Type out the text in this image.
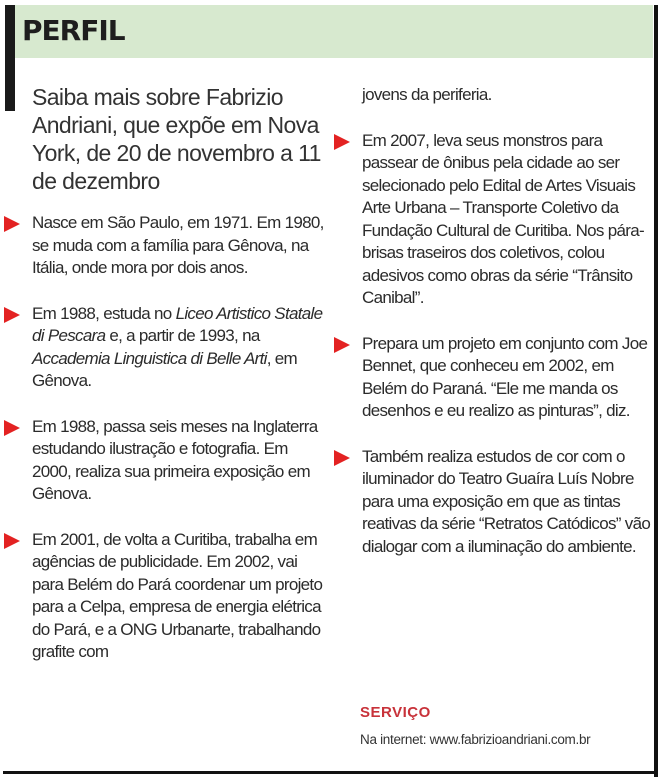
PERFIL
Saiba mais sobre Fabrizio Andriani, que expõe em Nova York, de 20 de novembro a 11 de dezembro
Nasce em São Paulo, em 1971. Em 1980, se muda com a família para Gênova, na Itália, onde mora por dois anos.
Em 1988, estuda no Liceo Artistico Statale di Pescara e, a partir de 1993, na Accademia Linguistica di Belle Arti, em Gênova.
Em 1988, passa seis meses na Inglaterra estudando ilustração e fotografia. Em 2000, realiza sua primeira exposição em Gênova.
Em 2001, de volta a Curitiba, trabalha em agências de publicidade. Em 2002, vai para Belém do Pará coordenar um projeto para a Celpa, empresa de energia elétrica do Pará, e a ONG Urbanarte, trabalhando grafite com
jovens da periferia.
Em 2007, leva seus monstros para passear de ônibus pela cidade ao ser selecionado pelo Edital de Artes Visuais Arte Urbana – Transporte Coletivo da Fundação Cultural de Curitiba. Nos pára-brisas traseiros dos coletivos, colou adesivos como obras da série “Trânsito Canibal”.
Prepara um projeto em conjunto com Joe Bennet, que conheceu em 2002, em Belém do Paraná. “Ele me manda os desenhos e eu realizo as pinturas”, diz.
Também realiza estudos de cor com o iluminador do Teatro Guaíra Luís Nobre para uma exposição em que as tintas reativas da série “Retratos Catódicos” vão dialogar com a iluminação do ambiente.
SERVIÇO
Na internet: www.fabrizioandriani.com.br
